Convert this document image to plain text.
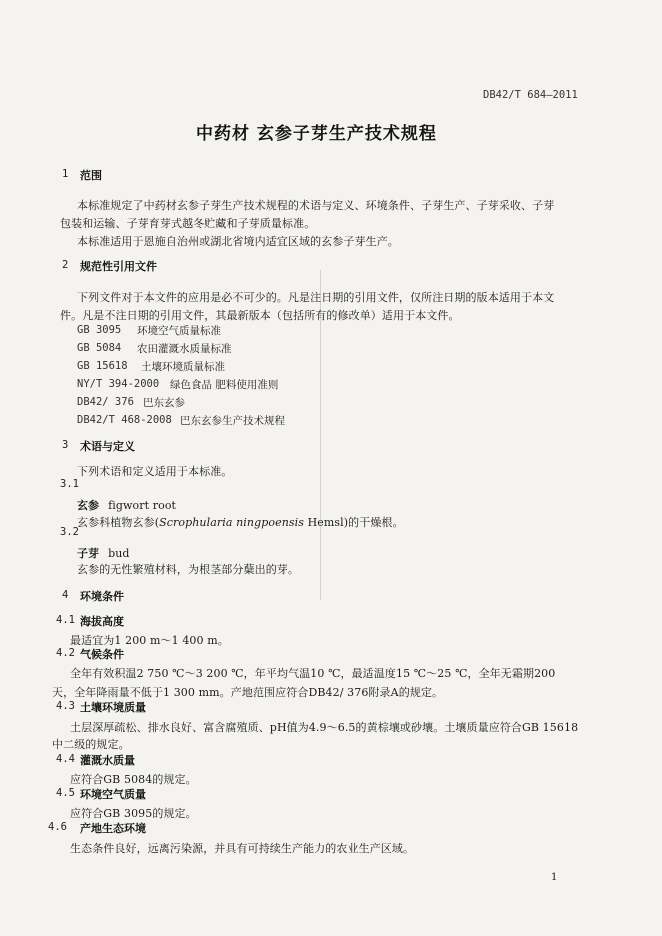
DB42/T 684—2011
中药材 玄参子芽生产技术规程
1 范围
本标准规定了中药材玄参子芽生产技术规程的术语与定义、环境条件、子芽生产、子芽采收、子芽
包装和运输、子芽育芽式越冬贮藏和子芽质量标准。
本标准适用于恩施自治州或湖北省境内适宜区域的玄参子芽生产。
2 规范性引用文件
下列文件对于本文件的应用是必不可少的。凡是注日期的引用文件，仅所注日期的版本适用于本文
件。凡是不注日期的引用文件，其最新版本（包括所有的修改单）适用于本文件。
GB 3095 环境空气质量标准
GB 5084 农田灌溉水质量标准
GB 15618 土壤环境质量标准
NY/T 394-2000 绿色食品 肥料使用准则
DB42/ 376 巴东玄参
DB42/T 468-2008 巴东玄参生产技术规程
3 术语与定义
下列术语和定义适用于本标准。
3.1
玄参 figwort root
玄参科植物玄参(Scrophularia ningpoensis Hemsl)的干燥根。
3.2
子芽 bud
玄参的无性繁殖材料，为根茎部分蘖出的芽。
4 环境条件
4.1 海拔高度
最适宜为1 200 m～1 400 m。
4.2 气候条件
全年有效积温2 750 ℃～3 200 ℃，年平均气温10 ℃，最适温度15 ℃～25 ℃，全年无霜期200
天，全年降雨量不低于1 300 mm。产地范围应符合DB42/ 376附录A的规定。
4.3 土壤环境质量
土层深厚疏松、排水良好、富含腐殖质、pH值为4.9～6.5的黄棕壤或砂壤。土壤质量应符合GB 15618
中二级的规定。
4.4 灌溉水质量
应符合GB 5084的规定。
4.5 环境空气质量
应符合GB 3095的规定。
4.6 产地生态环境
生态条件良好，远离污染源，并具有可持续生产能力的农业生产区域。
1
